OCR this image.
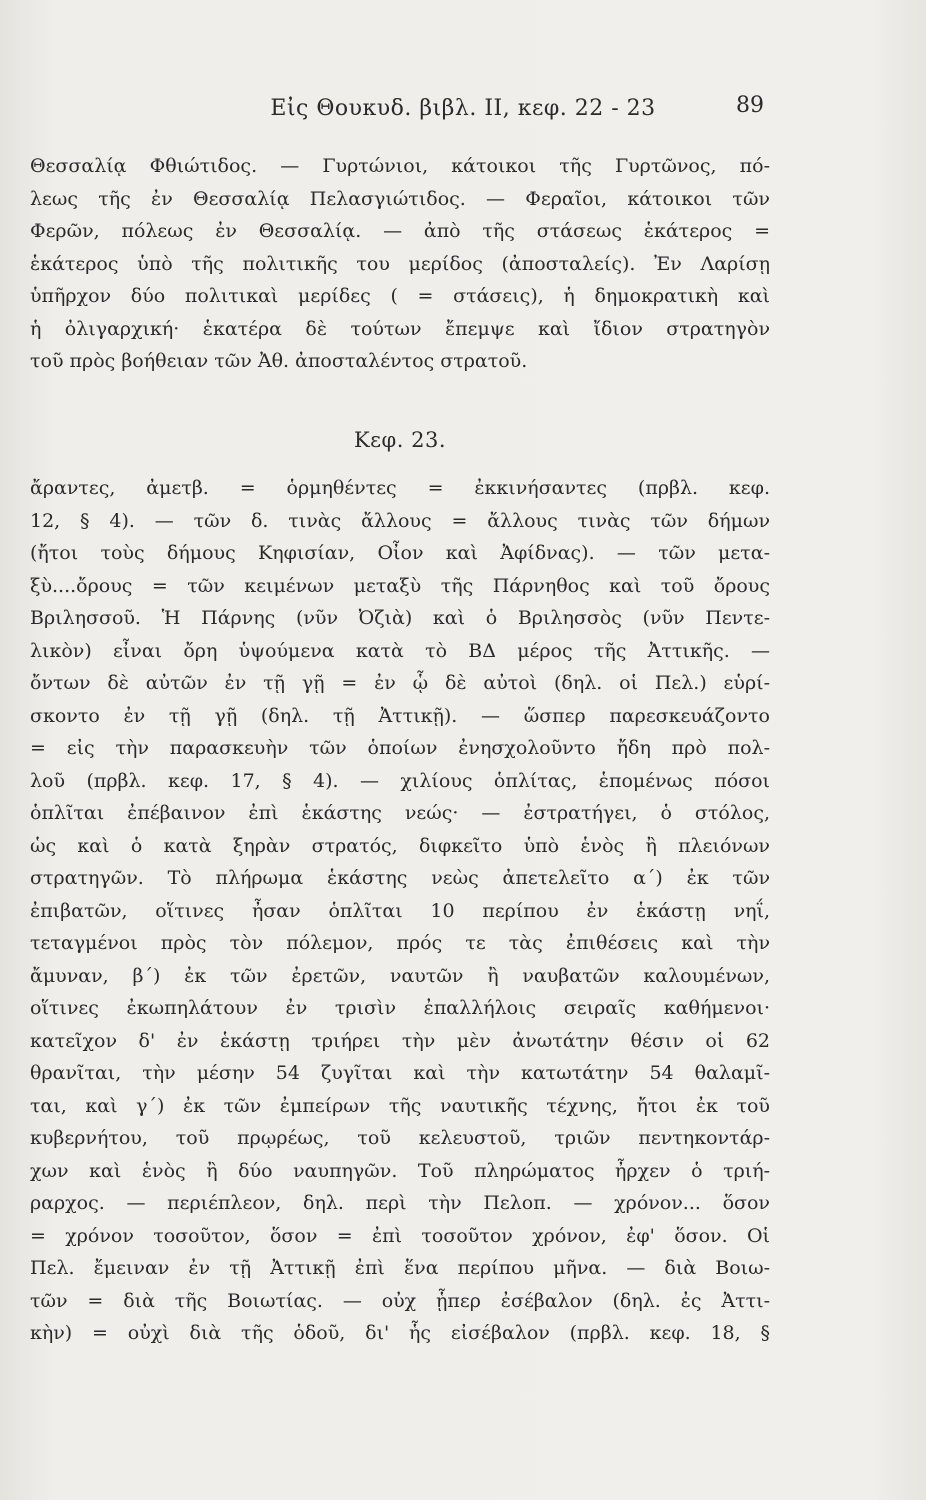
Εἰς Θουκυδ. βιβλ. II, κεφ. 22 - 23	89
Θεσσαλίᾳ Φθιώτιδος. — Γυρτώνιοι, κάτοικοι τῆς Γυρτῶνος, πό-
λεως τῆς ἐν Θεσσαλίᾳ Πελασγιώτιδος. — Φεραῖοι, κάτοικοι τῶν
Φερῶν, πόλεως ἐν Θεσσαλίᾳ. — ἀπὸ τῆς στάσεως ἑκάτερος =
ἑκάτερος ὑπὸ τῆς πολιτικῆς του μερίδος (ἀποσταλείς). Ἐν Λαρίσῃ
ὑπῆρχον δύο πολιτικαὶ μερίδες ( = στάσεις), ἡ δημοκρατικὴ καὶ
ἡ ὀλιγαρχική· ἑκατέρα δὲ τούτων ἔπεμψε καὶ ἴδιον στρατηγὸν
τοῦ πρὸς βοήθειαν τῶν Ἀθ. ἀποσταλέντος στρατοῦ.
Κεφ. 23.
ἄραντες, ἀμετβ. = ὁρμηθέντες = ἐκκινήσαντες (πρβλ. κεφ.
12, § 4). — τῶν δ. τινὰς ἄλλους = ἄλλους τινὰς τῶν δήμων
(ἤτοι τοὺς δήμους Κηφισίαν, Οἶον καὶ Ἀφίδνας). — τῶν μετα-
ξὺ....ὄρους = τῶν κειμένων μεταξὺ τῆς Πάρνηθος καὶ τοῦ ὄρους
Βριλησσοῦ. Ἡ Πάρνης (νῦν Ὀζιὰ) καὶ ὁ Βριλησσὸς (νῦν Πεντε-
λικὸν) εἶναι ὄρη ὑψούμενα κατὰ τὸ ΒΔ μέρος τῆς Ἀττικῆς. —
ὄντων δὲ αὐτῶν ἐν τῇ γῇ = ἐν ᾧ δὲ αὐτοὶ (δηλ. οἱ Πελ.) εὑρί-
σκοντο ἐν τῇ γῇ (δηλ. τῇ Ἀττικῇ). — ὥσπερ παρεσκευάζοντο
= εἰς τὴν παρασκευὴν τῶν ὁποίων ἐνησχολοῦντο ἤδη πρὸ πολ-
λοῦ (πρβλ. κεφ. 17, § 4). — χιλίους ὁπλίτας, ἑπομένως πόσοι
ὁπλῖται ἐπέβαινον ἐπὶ ἑκάστης νεώς· — ἐστρατήγει, ὁ στόλος,
ὡς καὶ ὁ κατὰ ξηρὰν στρατός, διφκεῖτο ὑπὸ ἑνὸς ἢ πλειόνων
στρατηγῶν. Τὸ πλήρωμα ἑκάστης νεὼς ἀπετελεῖτο α΄) ἐκ τῶν
ἐπιβατῶν, οἵτινες ἦσαν ὁπλῖται 10 περίπου ἐν ἑκάστῃ νηΐ,
τεταγμένοι πρὸς τὸν πόλεμον, πρός τε τὰς ἐπιθέσεις καὶ τὴν
ἄμυναν, β΄) ἐκ τῶν ἐρετῶν, ναυτῶν ἢ ναυβατῶν καλουμένων,
οἵτινες ἐκωπηλάτουν ἐν τρισὶν ἐπαλλήλοις σειραῖς καθήμενοι·
κατεῖχον δ' ἐν ἑκάστῃ τριήρει τὴν μὲν ἀνωτάτην θέσιν οἱ 62
θρανῖται, τὴν μέσην 54 ζυγῖται καὶ τὴν κατωτάτην 54 θαλαμῖ-
ται, καὶ γ΄) ἐκ τῶν ἐμπείρων τῆς ναυτικῆς τέχνης, ἤτοι ἐκ τοῦ
κυβερνήτου, τοῦ πρῳρέως, τοῦ κελευστοῦ, τριῶν πεντηκοντάρ-
χων καὶ ἑνὸς ἢ δύο ναυπηγῶν. Τοῦ πληρώματος ἦρχεν ὁ τριή-
ραρχος. — περιέπλεον, δηλ. περὶ τὴν Πελοπ. — χρόνον... ὅσον
= χρόνον τοσοῦτον, ὅσον = ἐπὶ τοσοῦτον χρόνον, ἐφ' ὅσον. Οἱ
Πελ. ἔμειναν ἐν τῇ Ἀττικῇ ἐπὶ ἕνα περίπου μῆνα. — διὰ Βοιω-
τῶν = διὰ τῆς Βοιωτίας. — οὐχ ᾗπερ ἐσέβαλον (δηλ. ἐς Ἀττι-
κὴν) = οὐχὶ διὰ τῆς ὁδοῦ, δι' ἧς εἰσέβαλον (πρβλ. κεφ. 18, §
